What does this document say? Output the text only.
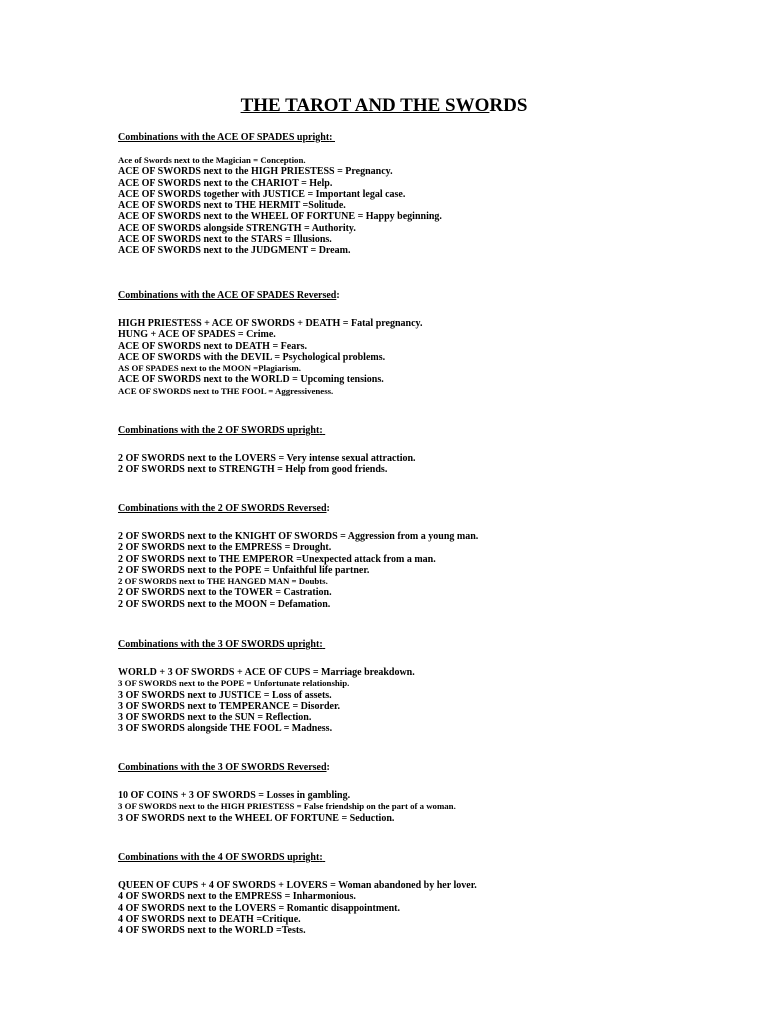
THE TAROT AND THE SWORDS

Combinations with the ACE OF SPADES upright:

Ace of Swords next to the Magician = Conception.
ACE OF SWORDS next to the HIGH PRIESTESS = Pregnancy.
ACE OF SWORDS next to the CHARIOT = Help.
ACE OF SWORDS together with JUSTICE = Important legal case.
ACE OF SWORDS next to THE HERMIT =Solitude.
ACE OF SWORDS next to the WHEEL OF FORTUNE = Happy beginning.
ACE OF SWORDS alongside STRENGTH = Authority.
ACE OF SWORDS next to the STARS = Illusions.
ACE OF SWORDS next to the JUDGMENT = Dream.

Combinations with the ACE OF SPADES Reversed:

HIGH PRIESTESS + ACE OF SWORDS + DEATH = Fatal pregnancy.
HUNG + ACE OF SPADES = Crime.
ACE OF SWORDS next to DEATH = Fears.
ACE OF SWORDS with the DEVIL = Psychological problems.
AS OF SPADES next to the MOON =Plagiarism.
ACE OF SWORDS next to the WORLD = Upcoming tensions.
ACE OF SWORDS next to THE FOOL = Aggressiveness.

Combinations with the 2 OF SWORDS upright:

2 OF SWORDS next to the LOVERS = Very intense sexual attraction.
2 OF SWORDS next to STRENGTH = Help from good friends.

Combinations with the 2 OF SWORDS Reversed:

2 OF SWORDS next to the KNIGHT OF SWORDS = Aggression from a young man.
2 OF SWORDS next to the EMPRESS = Drought.
2 OF SWORDS next to THE EMPEROR =Unexpected attack from a man.
2 OF SWORDS next to the POPE = Unfaithful life partner.
2 OF SWORDS next to THE HANGED MAN = Doubts.
2 OF SWORDS next to the TOWER = Castration.
2 OF SWORDS next to the MOON = Defamation.

Combinations with the 3 OF SWORDS upright:

WORLD + 3 OF SWORDS + ACE OF CUPS = Marriage breakdown.
3 OF SWORDS next to the POPE = Unfortunate relationship.
3 OF SWORDS next to JUSTICE = Loss of assets.
3 OF SWORDS next to TEMPERANCE = Disorder.
3 OF SWORDS next to the SUN = Reflection.
3 OF SWORDS alongside THE FOOL = Madness.

Combinations with the 3 OF SWORDS Reversed:

10 OF COINS + 3 OF SWORDS = Losses in gambling.
3 OF SWORDS next to the HIGH PRIESTESS = False friendship on the part of a woman.
3 OF SWORDS next to the WHEEL OF FORTUNE = Seduction.

Combinations with the 4 OF SWORDS upright:

QUEEN OF CUPS + 4 OF SWORDS + LOVERS = Woman abandoned by her lover.
4 OF SWORDS next to the EMPRESS = Inharmonious.
4 OF SWORDS next to the LOVERS = Romantic disappointment.
4 OF SWORDS next to DEATH =Critique.
4 OF SWORDS next to the WORLD =Tests.
